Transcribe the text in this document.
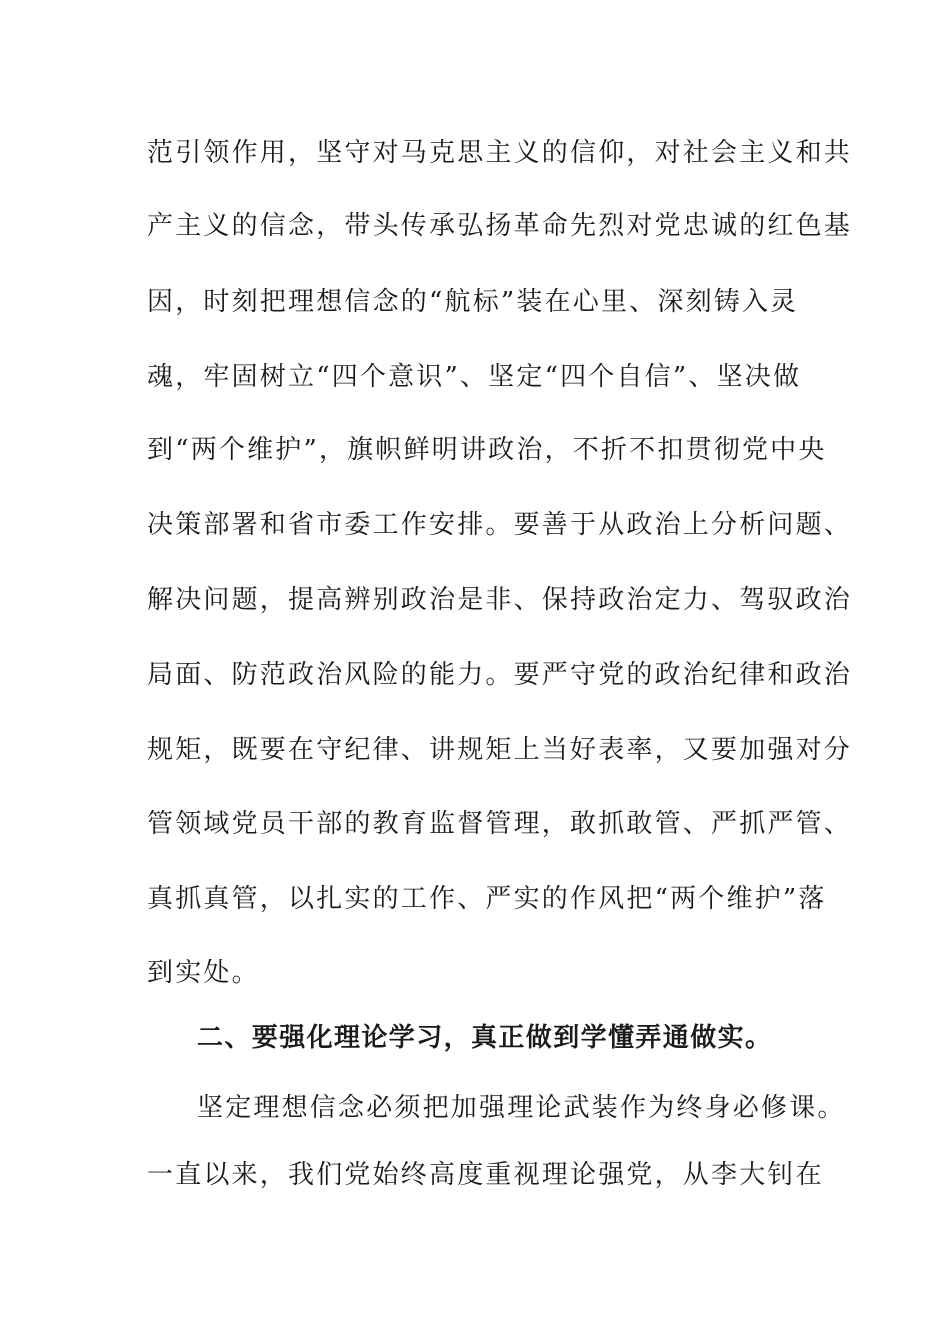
范引领作用，坚守对马克思主义的信仰，对社会主义和共
产主义的信念，带头传承弘扬革命先烈对党忠诚的红色基
因，时刻把理想信念的“航标”装在心里、深刻铸入灵
魂，牢固树立“四个意识”、坚定“四个自信”、坚决做
到“两个维护”，旗帜鲜明讲政治，不折不扣贯彻党中央
决策部署和省市委工作安排。要善于从政治上分析问题、
解决问题，提高辨别政治是非、保持政治定力、驾驭政治
局面、防范政治风险的能力。要严守党的政治纪律和政治
规矩，既要在守纪律、讲规矩上当好表率，又要加强对分
管领域党员干部的教育监督管理，敢抓敢管、严抓严管、
真抓真管，以扎实的工作、严实的作风把“两个维护”落
到实处。
二、要强化理论学习，真正做到学懂弄通做实。
坚定理想信念必须把加强理论武装作为终身必修课。
一直以来，我们党始终高度重视理论强党，从李大钊在
